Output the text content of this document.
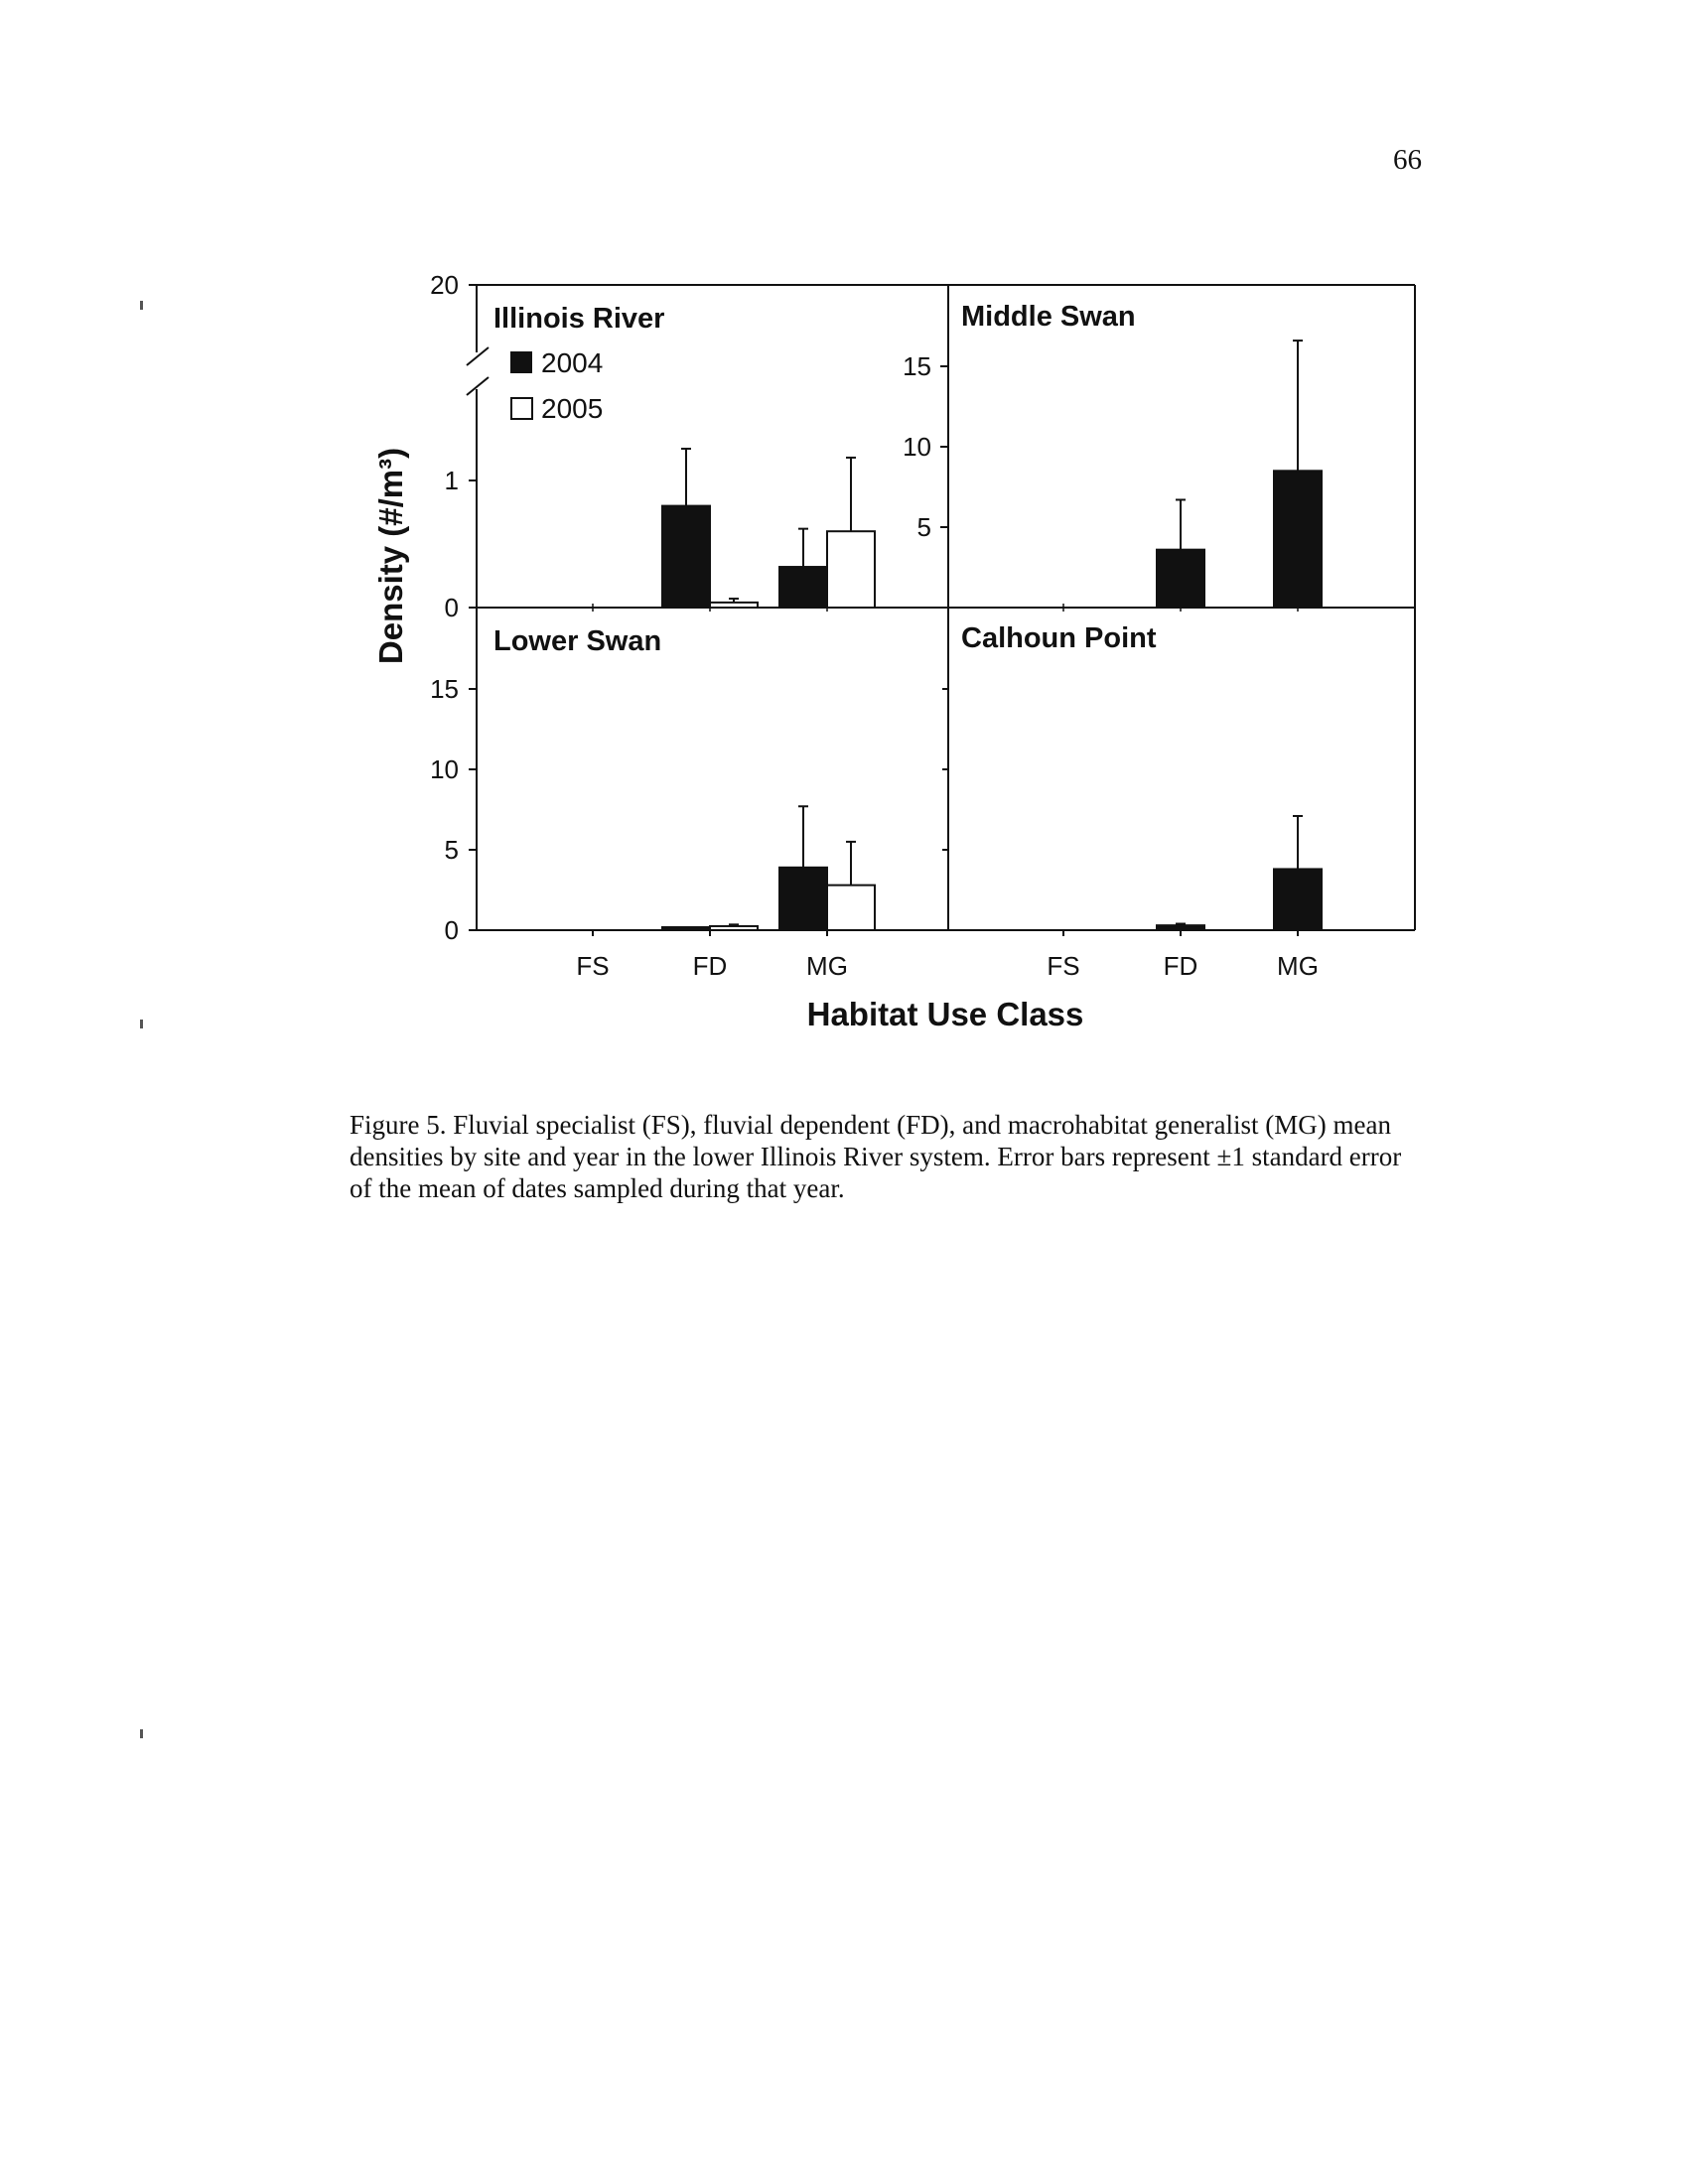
66
20
1
0
15
10
5
0
5
10
15
Illinois River	Middle Swan
Lower Swan	Calhoun Point
2004
2005
FS	FD	MG	FS	FD	MG
Habitat Use Class
Density (#/m³)
Figure 5. Fluvial specialist (FS), fluvial dependent (FD), and macrohabitat generalist (MG) mean densities by site and year in the lower Illinois River system. Error bars represent ±1 standard error of the mean of dates sampled during that year.
